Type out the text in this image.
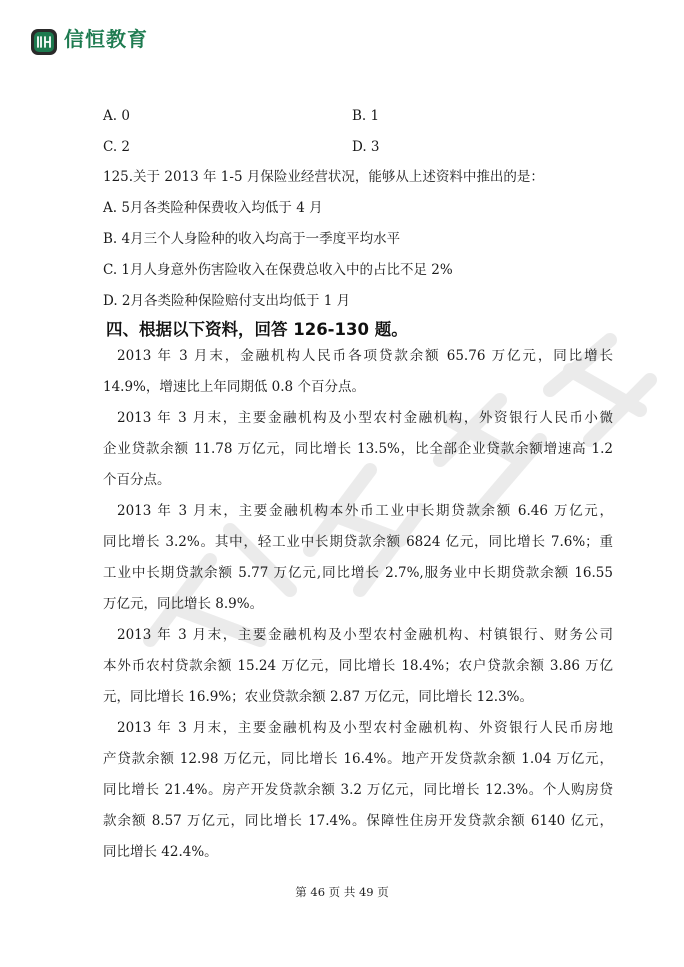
信恒教育
A. 0	B. 1
C. 2	D. 3
125.关于 2013 年 1-5 月保险业经营状况，能够从上述资料中推出的是：
A. 5月各类险种保费收入均低于 4 月
B. 4月三个人身险种的收入均高于一季度平均水平
C. 1月人身意外伤害险收入在保费总收入中的占比不足 2%
D. 2月各类险种保险赔付支出均低于 1 月
四、根据以下资料，回答 126-130 题。
2013 年 3 月末，金融机构人民币各项贷款余额 65.76 万亿元，同比增长
14.9%，增速比上年同期低 0.8 个百分点。
2013 年 3 月末，主要金融机构及小型农村金融机构，外资银行人民币小微
企业贷款余额 11.78 万亿元，同比增长 13.5%，比全部企业贷款余额增速高 1.2
个百分点。
2013 年 3 月末，主要金融机构本外币工业中长期贷款余额 6.46 万亿元，
同比增长 3.2%。其中，轻工业中长期贷款余额 6824 亿元，同比增长 7.6%；重
工业中长期贷款余额 5.77 万亿元,同比增长 2.7%,服务业中长期贷款余额 16.55
万亿元，同比增长 8.9%。
2013 年 3 月末，主要金融机构及小型农村金融机构、村镇银行、财务公司
本外币农村贷款余额 15.24 万亿元，同比增长 18.4%；农户贷款余额 3.86 万亿
元，同比增长 16.9%；农业贷款余额 2.87 万亿元，同比增长 12.3%。
2013 年 3 月末，主要金融机构及小型农村金融机构、外资银行人民币房地
产贷款余额 12.98 万亿元，同比增长 16.4%。地产开发贷款余额 1.04 万亿元，
同比增长 21.4%。房产开发贷款余额 3.2 万亿元，同比增长 12.3%。个人购房贷
款余额 8.57 万亿元，同比增长 17.4%。保障性住房开发贷款余额 6140 亿元，
同比增长 42.4%。
第 46 页 共 49 页
